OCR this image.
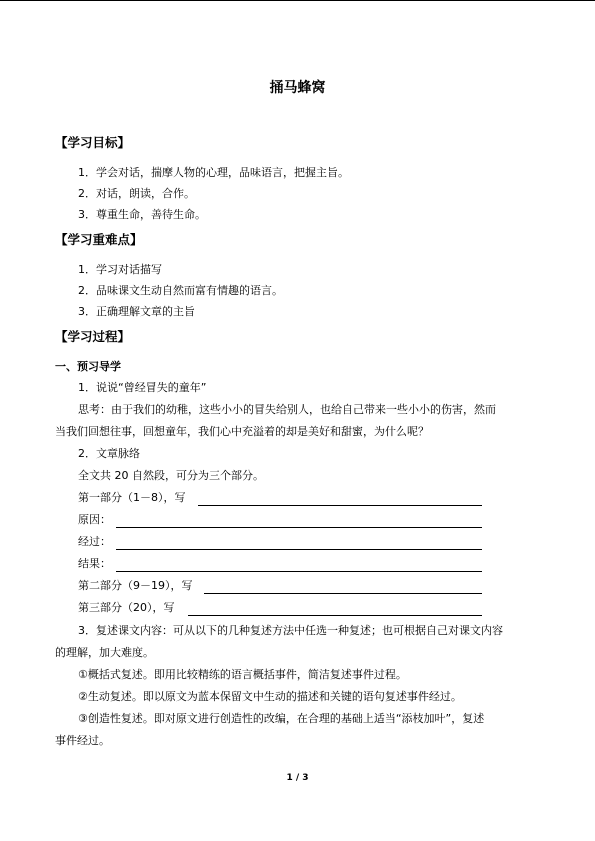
捅马蜂窝
【学习目标】
1．学会对话，揣摩人物的心理，品味语言，把握主旨。
2．对话，朗读，合作。
3．尊重生命，善待生命。
【学习重难点】
1．学习对话描写
2．品味课文生动自然而富有情趣的语言。
3．正确理解文章的主旨
【学习过程】
一、预习导学
1．说说“曾经冒失的童年”
思考：由于我们的幼稚，这些小小的冒失给别人，也给自己带来一些小小的伤害，然而
当我们回想往事，回想童年，我们心中充溢着的却是美好和甜蜜，为什么呢？
2．文章脉络
全文共 20 自然段，可分为三个部分。
第一部分（1－8），写
原因：
经过：
结果：
第二部分（9－19），写
第三部分（20），写
3．复述课文内容：可从以下的几种复述方法中任选一种复述；也可根据自己对课文内容
的理解，加大难度。
①概括式复述。即用比较精练的语言概括事件，简洁复述事件过程。
②生动复述。即以原文为蓝本保留文中生动的描述和关键的语句复述事件经过。
③创造性复述。即对原文进行创造性的改编，在合理的基础上适当“添枝加叶”，复述
事件经过。
1 / 3
